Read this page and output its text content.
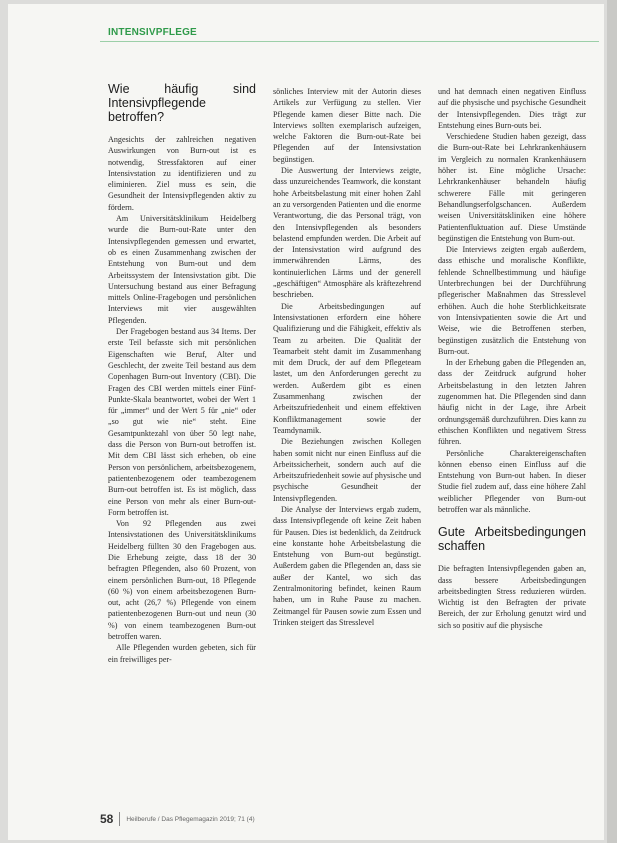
INTENSIVPFLEGE
Wie häufig sind Intensivpflegende betroffen?

Angesichts der zahlreichen negativen Auswirkungen von Burn-out ist es notwendig, Stressfaktoren auf einer Intensivstation zu identifizieren und zu eliminieren. Ziel muss es sein, die Gesundheit der Intensivpflegenden aktiv zu fördern.

Am Universitätsklinikum Heidelberg wurde die Burn-out-Rate unter den Intensivpflegenden gemessen und erwartet, ob es einen Zusammenhang zwischen der Entstehung von Burn-out und dem Arbeitssystem der Intensivstation gibt. Die Untersuchung bestand aus einer Befragung mittels Online-Fragebogen und persönlichen Interviews mit vier ausgewählten Pflegenden.

Der Fragebogen bestand aus 34 Items. Der erste Teil befasste sich mit persönlichen Eigenschaften wie Beruf, Alter und Geschlecht, der zweite Teil bestand aus dem Copenhagen Burn-out Inventory (CBI). Die Fragen des CBI werden mittels einer Fünf-Punkte-Skala beantwortet, wobei der Wert 1 für „immer“ und der Wert 5 für „nie“ oder „so gut wie nie“ steht. Eine Gesamtpunktezahl von über 50 legt nahe, dass die Person von Burn-out betroffen ist. Mit dem CBI lässt sich erheben, ob eine Person von persönlichem, arbeitsbezogenem, patientenbezogenem oder teambezogenem Burn-out betroffen ist. Es ist möglich, dass eine Person von mehr als einer Burn-out-Form betroffen ist.

Von 92 Pflegenden aus zwei Intensivstationen des Universitätsklinikums Heidelberg füllten 30 den Fragebogen aus. Die Erhebung zeigte, dass 18 der 30 befragten Pflegenden, also 60 Prozent, von einem persönlichen Burn-out, 18 Pflegende (60 %) von einem arbeitsbezogenen Burn-out, acht (26,7 %) Pflegende von einem patientenbezogenen Burn-out und neun (30 %) von einem teambezogenen Burn-out betroffen waren.

Alle Pflegenden wurden gebeten, sich für ein freiwilliges per-

sönliches Interview mit der Autorin dieses Artikels zur Verfügung zu stellen. Vier Pflegende kamen dieser Bitte nach. Die Interviews sollten exemplarisch aufzeigen, welche Faktoren die Burn-out-Rate bei Pflegenden auf der Intensivstation begünstigen.

Die Auswertung der Interviews zeigte, dass unzureichendes Teamwork, die konstant hohe Arbeitsbelastung mit einer hohen Zahl an zu versorgenden Patienten und die enorme Verantwortung, die das Personal trägt, von den Intensivpflegenden als besonders belastend empfunden werden. Die Arbeit auf der Intensivstation wird aufgrund des immerwährenden Lärms, des kontinuierlichen Lärms und der generell „geschäftigen“ Atmosphäre als kräftezehrend beschrieben.

Die Arbeitsbedingungen auf Intensivstationen erfordern eine höhere Qualifizierung und die Fähigkeit, effektiv als Team zu arbeiten. Die Qualität der Teamarbeit steht damit im Zusammenhang mit dem Druck, der auf dem Pflegeteam lastet, um den Anforderungen gerecht zu werden. Außerdem gibt es einen Zusammenhang zwischen der Arbeitszufriedenheit und einem effektiven Konfliktmanagement sowie der Teamdynamik.

Die Beziehungen zwischen Kollegen haben somit nicht nur einen Einfluss auf die Arbeitssicherheit, sondern auch auf die Arbeitszufriedenheit sowie auf physische und psychische Gesundheit der Intensivpflegenden.

Die Analyse der Interviews ergab zudem, dass Intensivpflegende oft keine Zeit haben für Pausen. Dies ist bedenklich, da Zeitdruck eine konstante hohe Arbeitsbelastung die Entstehung von Burn-out begünstigt. Außerdem gaben die Pflegenden an, dass sie außer der Kantel, wo sich das Zentralmonitoring befindet, keinen Raum haben, um in Ruhe Pause zu machen. Zeitmangel für Pausen sowie zum Essen und Trinken steigert das Stresslevel

und hat demnach einen negativen Einfluss auf die physische und psychische Gesundheit der Intensivpflegenden. Dies trägt zur Entstehung eines Burn-outs bei.

Verschiedene Studien haben gezeigt, dass die Burn-out-Rate bei Lehrkrankenhäusern im Vergleich zu normalen Krankenhäusern höher ist. Eine mögliche Ursache: Lehrkrankenhäuser behandeln häufig schwerere Fälle mit geringeren Behandlungserfolgschancen. Außerdem weisen Universitätskliniken eine höhere Patientenfluktuation auf. Diese Umstände begünstigen die Entstehung von Burn-out.

Die Interviews zeigten ergab außerdem, dass ethische und moralische Konflikte, fehlende Schnellbestimmung und häufige Unterbrechungen bei der Durchführung pflegerischer Maßnahmen das Stresslevel erhöhen. Auch die hohe Sterblichkeitsrate von Intensivpatienten sowie die Art und Weise, wie die Betroffenen sterben, begünstigen zusätzlich die Entstehung von Burn-out.

In der Erhebung gaben die Pflegenden an, dass der Zeitdruck aufgrund hoher Arbeitsbelastung in den letzten Jahren zugenommen hat. Die Pflegenden sind dann häufig nicht in der Lage, ihre Arbeit ordnungsgemäß durchzuführen. Dies kann zu ethischen Konflikten und negativem Stress führen.

Persönliche Charaktereigenschaften können ebenso einen Einfluss auf die Entstehung von Burn-out haben. In dieser Studie fiel zudem auf, dass eine höhere Zahl weiblicher Pflegender von Burn-out betroffen war als männliche.

Gute Arbeitsbedingungen schaffen

Die befragten Intensivpflegenden gaben an, dass bessere Arbeitsbedingungen arbeitsbedingten Stress reduzieren würden. Wichtig ist den Befragten der private Bereich, der zur Erholung genutzt wird und sich so positiv auf die physische

58 Heilberufe / Das Pflegemagazin 2019; 71 (4)
